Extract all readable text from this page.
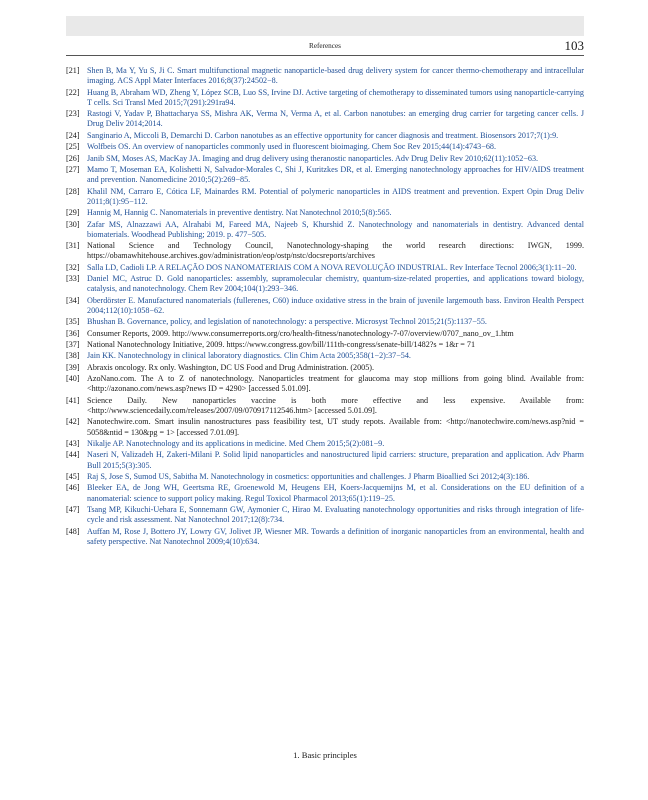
References	103
[21] Shen B, Ma Y, Yu S, Ji C. Smart multifunctional magnetic nanoparticle-based drug delivery system for cancer thermo-chemotherapy and intracellular imaging. ACS Appl Mater Interfaces 2016;8(37):24502−8.
[22] Huang B, Abraham WD, Zheng Y, López SCB, Luo SS, Irvine DJ. Active targeting of chemotherapy to disseminated tumors using nanoparticle-carrying T cells. Sci Transl Med 2015;7(291):291ra94.
[23] Rastogi V, Yadav P, Bhattacharya SS, Mishra AK, Verma N, Verma A, et al. Carbon nanotubes: an emerging drug carrier for targeting cancer cells. J Drug Deliv 2014;2014.
[24] Sanginario A, Miccoli B, Demarchi D. Carbon nanotubes as an effective opportunity for cancer diagnosis and treatment. Biosensors 2017;7(1):9.
[25] Wolfbeis OS. An overview of nanoparticles commonly used in fluorescent bioimaging. Chem Soc Rev 2015;44(14):4743−68.
[26] Janib SM, Moses AS, MacKay JA. Imaging and drug delivery using theranostic nanoparticles. Adv Drug Deliv Rev 2010;62(11):1052−63.
[27] Mamo T, Moseman EA, Kolishetti N, Salvador-Morales C, Shi J, Kuritzkes DR, et al. Emerging nanotechnology approaches for HIV/AIDS treatment and prevention. Nanomedicine 2010;5(2):269−85.
[28] Khalil NM, Carraro E, Cótica LF, Mainardes RM. Potential of polymeric nanoparticles in AIDS treatment and prevention. Expert Opin Drug Deliv 2011;8(1):95−112.
[29] Hannig M, Hannig C. Nanomaterials in preventive dentistry. Nat Nanotechnol 2010;5(8):565.
[30] Zafar MS, Alnazzawi AA, Alrahabi M, Fareed MA, Najeeb S, Khurshid Z. Nanotechnology and nanomaterials in dentistry. Advanced dental biomaterials. Woodhead Publishing; 2019. p. 477−505.
[31] National Science and Technology Council, Nanotechnology-shaping the world research directions: IWGN, 1999. https://obamawhitehouse.archives.gov/administration/eop/ostp/nstc/docsreports/archives
[32] Salla LD, Cadioli LP. A RELAÇÃO DOS NANOMATERIAIS COM A NOVA REVOLUÇÃO INDUSTRIAL. Rev Interface Tecnol 2006;3(1):11−20.
[33] Daniel MC, Astruc D. Gold nanoparticles: assembly, supramolecular chemistry, quantum-size-related properties, and applications toward biology, catalysis, and nanotechnology. Chem Rev 2004;104(1):293−346.
[34] Oberdörster E. Manufactured nanomaterials (fullerenes, C60) induce oxidative stress in the brain of juvenile largemouth bass. Environ Health Perspect 2004;112(10):1058−62.
[35] Bhushan B. Governance, policy, and legislation of nanotechnology: a perspective. Microsyst Technol 2015;21(5):1137−55.
[36] Consumer Reports, 2009. http://www.consumerreports.org/cro/health-fitness/nanotechnology-7-07/overview/0707_nano_ov_1.htm
[37] National Nanotechnology Initiative, 2009. https://www.congress.gov/bill/111th-congress/senate-bill/1482?s = 1&r = 71
[38] Jain KK. Nanotechnology in clinical laboratory diagnostics. Clin Chim Acta 2005;358(1−2):37−54.
[39] Abraxis oncology. Rx only. Washington, DC US Food and Drug Administration. (2005).
[40] AzoNano.com. The A to Z of nanotechnology. Nanoparticles treatment for glaucoma may stop millions from going blind. Available from: <http://azonano.com/news.asp?news ID = 4290> [accessed 5.01.09].
[41] Science Daily. New nanoparticles vaccine is both more effective and less expensive. Available from: <http://www.sciencedaily.com/releases/2007/09/070917112546.htm> [accessed 5.01.09].
[42] Nanotechwire.com. Smart insulin nanostructures pass feasibility test, UT study repots. Available from: <http://nanotechwire.com/news.asp?nid = 5058&ntid = 130&pg = 1> [accessed 7.01.09].
[43] Nikalje AP. Nanotechnology and its applications in medicine. Med Chem 2015;5(2):081−9.
[44] Naseri N, Valizadeh H, Zakeri-Milani P. Solid lipid nanoparticles and nanostructured lipid carriers: structure, preparation and application. Adv Pharm Bull 2015;5(3):305.
[45] Raj S, Jose S, Sumod US, Sabitha M. Nanotechnology in cosmetics: opportunities and challenges. J Pharm Bioallied Sci 2012;4(3):186.
[46] Bleeker EA, de Jong WH, Geertsma RE, Groenewold M, Heugens EH, Koers-Jacquemijns M, et al. Considerations on the EU definition of a nanomaterial: science to support policy making. Regul Toxicol Pharmacol 2013;65(1):119−25.
[47] Tsang MP, Kikuchi-Uehara E, Sonnemann GW, Aymonier C, Hirao M. Evaluating nanotechnology opportunities and risks through integration of life-cycle and risk assessment. Nat Nanotechnol 2017;12(8):734.
[48] Auffan M, Rose J, Bottero JY, Lowry GV, Jolivet JP, Wiesner MR. Towards a definition of inorganic nanoparticles from an environmental, health and safety perspective. Nat Nanotechnol 2009;4(10):634.
1. Basic principles
